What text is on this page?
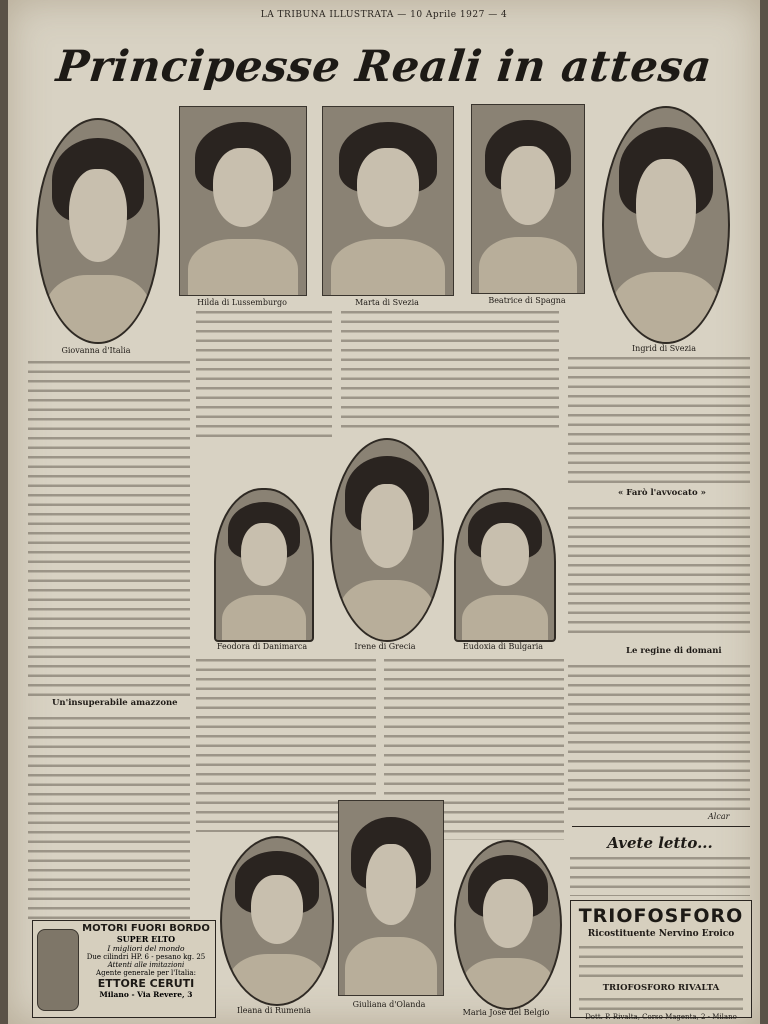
LA TRIBUNA ILLUSTRATA — 10 Aprile 1927 — 4
Principesse Reali in attesa
Giovanna d'Italia
Hilda di Lussemburgo	Marta di Svezia	Beatrice di Spagna
Ingrid di Svezia
Un'insuperabile amazzone
Feodora di Danimarca	Irene di Grecia	Eudoxia di Bulgaria
Ileana di Rumenia
Giuliana d'Olanda
Maria José del Belgio
« Farò l'avvocato »
Le regine di domani
Alcar
Avete letto...
TRIOFOSFORO
Ricostituente Nervino Eroico
TRIOFOSFORO RIVALTA
Dott. P. Rivalta, Corso Magenta, 2 - Milano
MOTORI FUORI BORDO
SUPER ELTO
I migliori del mondo
Due cilindri HP. 6 - pesano kg. 25
Attenti alle imitazioni
Agente generale per l'Italia:
ETTORE CERUTI
Milano - Via Revere, 3
